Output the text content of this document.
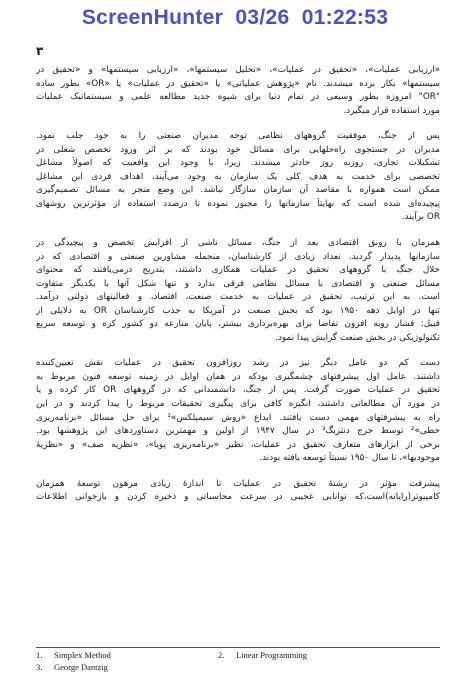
ScreenHunter  03/26  01:22:53
۳
«ارزیابی عملیات»، «تحقیق در عملیات»، «تحلیل سیستمها»، «ارزیابی سیستمها» و «تحقیق در
سیستمها» بکار برده میشدند. نام «پژوهش عملیاتی» یا «تحقیق در عملیات» یا «OR» بطور ساده
"OR" امروزه بطور وسیعی در تمام دنیا برای شیوه جدید مطالعه علمی و سیستماتیک عملیات
مورد استفاده قرار میگیرد.
پس از جنگ، موفقیت گروههای نظامی توجه مدیران صنعتی را به خود جلب نمود.
مدیران در جستجوی راه‌حلهایی برای مسائل خود بودند که بر اثر ورود تخصص شغلی در
تشکیلات تجاری، روزبه روز حادتر میشدند. زیرا، با وجود این واقعیت که اصولاً مشاغل
تخصصی برای خدمت به هدف کلی یک سازمان به وجود می‌آیند، اهداف فردی این مشاغل
ممکن است همواره با مقاصد آن سازمان سازگار نباشد. این وضع منجر به مسائل تصمیم‌گیری
پیچیده‌ای شده است که نهایتاً سازمانها را مجبور نموده تا درصدد استفاده از مؤثرترین روشهای
OR برآیند.
همزمان با رونق اقتصادی بعد از جنگ، مسائل ناشی از افزایش تخصص و پیچیدگی در
سازمانها پدیدار گردید. تعداد زیادی از کارشناسان، منجمله مشاورین صنعتی و اقتصادی که در
خلال جنگ با گروههای تحقیق در عملیات همکاری داشتند، بتدریج درمی‌یافتند که محتوای
مسائل صنعتی و اقتصادی با مسائل نظامی فرقی ندارد و تنها شکل آنها با یکدیگر متفاوت
است. به این ترتیب، تحقیق در عملیات به خدمت صنعت، اقتصاد، و فعالیتهای دولتی درآمد.
تنها در اوایل دهه ۱۹۵۰ بود که بخش صنعت در آمریکا به جذب کارشناسان OR به دلایلی از
قبیل: فشار روبه افزون تقاضا برای بهره‌برداری بیشتر، پایان منازعه دو کشور کره و توسعه سریع
تکنولوژیکی در بخش صنعت گرایش پیدا نمود.
دست کم دو عامل دیگر نیز در رشد روزافزون تحقیق در عملیات نقش تعیین‌کننده
داشتند. عامل اول پیشرفتهای چشمگیری بودکه در همان اوایل در زمینه توسعه فنون مربوط به
تحقیق در عملیات صورت گرفت. پس از جنگ، دانشمندانی که در گروههای OR کار کرده و یا
در مورد آن مطالعاتی داشتند، انگیزه کافی برای پیگیری تحقیقات مربوط را پیدا کردند و در این
راه به پیشرفتهای مهمی دست یافتند. ابداع «روش سیمپلکس»¹ برای حل مسائل «برنامه‌ریزی
خطی»² توسط جرج دنتزیگ³ در سال ۱۹۴۷ از اولین و مهمترین دستاوردهای این پژوهشها بود.
برخی از ابزارهای متعارف تحقیق در عملیات، نظیر «برنامه‌ریزی پویا»، «نظریه صف» و «نظریهٔ
موجودیها»، تا سال ۱۹۵۰ نسبتاً توسعه یافته بودند.
پیشرفت مؤثر در رشتهٔ تحقیق در عملیات تا اندازهٔ زیادی مرهون توسعهٔ همزمان
کامپیوتر(رایانه)است،که توانایی عجیبی در سرعت محاسباتی و ذخیره کردن و بازخوانی اطلاعات
1. Simplex Method	2. Linear Programming
3. George Dantzig
